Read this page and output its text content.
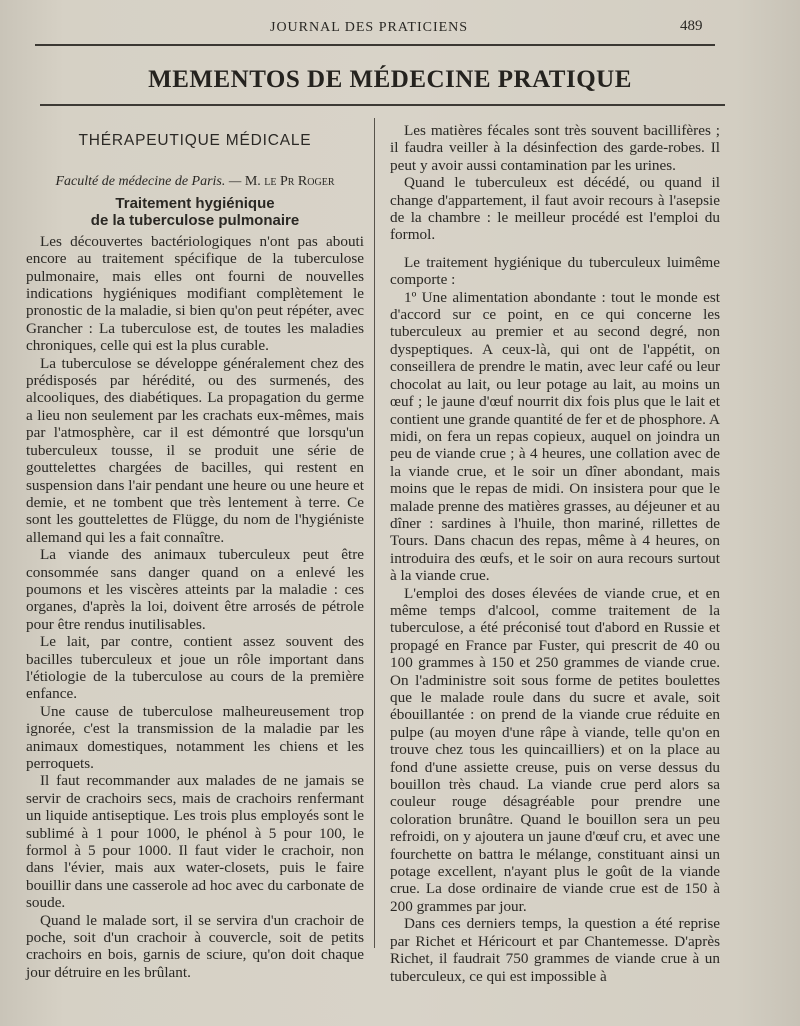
JOURNAL DES PRATICIENS	489
MEMENTOS DE MÉDECINE PRATIQUE
THÉRAPEUTIQUE MÉDICALE
Faculté de médecine de Paris. — M. le Pr Roger
Traitement hygiénique
de la tuberculose pulmonaire

Les découvertes bactériologiques n'ont pas abouti encore au traitement spécifique de la tuberculose pulmonaire, mais elles ont fourni de nouvelles indications hygiéniques modifiant complètement le pronostic de la maladie, si bien qu'on peut répéter, avec Grancher : La tuberculose est, de toutes les maladies chroniques, celle qui est la plus curable.

La tuberculose se développe généralement chez des prédisposés par hérédité, ou des surmenés, des alcooliques, des diabétiques. La propagation du germe a lieu non seulement par les crachats eux-mêmes, mais par l'atmosphère, car il est démontré que lorsqu'un tuberculeux tousse, il se produit une série de gouttelettes chargées de bacilles, qui restent en suspension dans l'air pendant une heure ou une heure et demie, et ne tombent que très lentement à terre. Ce sont les gouttelettes de Flügge, du nom de l'hygiéniste allemand qui les a fait connaître.

La viande des animaux tuberculeux peut être consommée sans danger quand on a enlevé les poumons et les viscères atteints par la maladie : ces organes, d'après la loi, doivent être arrosés de pétrole pour être rendus inutilisables.

Le lait, par contre, contient assez souvent des bacilles tuberculeux et joue un rôle important dans l'étiologie de la tuberculose au cours de la première enfance.

Une cause de tuberculose malheureusement trop ignorée, c'est la transmission de la maladie par les animaux domestiques, notamment les chiens et les perroquets.

Il faut recommander aux malades de ne jamais se servir de crachoirs secs, mais de crachoirs renfermant un liquide antiseptique. Les trois plus employés sont le sublimé à 1 pour 1000, le phénol à 5 pour 100, le formol à 5 pour 1000. Il faut vider le crachoir, non dans l'évier, mais aux water-closets, puis le faire bouillir dans une casserole ad hoc avec du carbonate de soude.

Quand le malade sort, il se servira d'un crachoir de poche, soit d'un crachoir à couvercle, soit de petits crachoirs en bois, garnis de sciure, qu'on doit chaque jour détruire en les brûlant.

Les matières fécales sont très souvent bacillifères ; il faudra veiller à la désinfection des garde-robes. Il peut y avoir aussi contamination par les urines.

Quand le tuberculeux est décédé, ou quand il change d'appartement, il faut avoir recours à l'asepsie de la chambre : le meilleur procédé est l'emploi du formol.

Le traitement hygiénique du tuberculeux luimême comporte :

1º Une alimentation abondante : tout le monde est d'accord sur ce point, en ce qui concerne les tuberculeux au premier et au second degré, non dyspeptiques. A ceux-là, qui ont de l'appétit, on conseillera de prendre le matin, avec leur café ou leur chocolat au lait, ou leur potage au lait, au moins un œuf ; le jaune d'œuf nourrit dix fois plus que le lait et contient une grande quantité de fer et de phosphore. A midi, on fera un repas copieux, auquel on joindra un peu de viande crue ; à 4 heures, une collation avec de la viande crue, et le soir un dîner abondant, mais moins que le repas de midi. On insistera pour que le malade prenne des matières grasses, au déjeuner et au dîner : sardines à l'huile, thon mariné, rillettes de Tours. Dans chacun des repas, même à 4 heures, on introduira des œufs, et le soir on aura recours surtout à la viande crue.

L'emploi des doses élevées de viande crue, et en même temps d'alcool, comme traitement de la tuberculose, a été préconisé tout d'abord en Russie et propagé en France par Fuster, qui prescrit de 40 ou 100 grammes à 150 et 250 grammes de viande crue. On l'administre soit sous forme de petites boulettes que le malade roule dans du sucre et avale, soit ébouillantée : on prend de la viande crue réduite en pulpe (au moyen d'une râpe à viande, telle qu'on en trouve chez tous les quincailliers) et on la place au fond d'une assiette creuse, puis on verse dessus du bouillon très chaud. La viande crue perd alors sa couleur rouge désagréable pour prendre une coloration brunâtre. Quand le bouillon sera un peu refroidi, on y ajoutera un jaune d'œuf cru, et avec une fourchette on battra le mélange, constituant ainsi un potage excellent, n'ayant plus le goût de la viande crue. La dose ordinaire de viande crue est de 150 à 200 grammes par jour.

Dans ces derniers temps, la question a été reprise par Richet et Héricourt et par Chantemesse. D'après Richet, il faudrait 750 grammes de viande crue à un tuberculeux, ce qui est impossible à
